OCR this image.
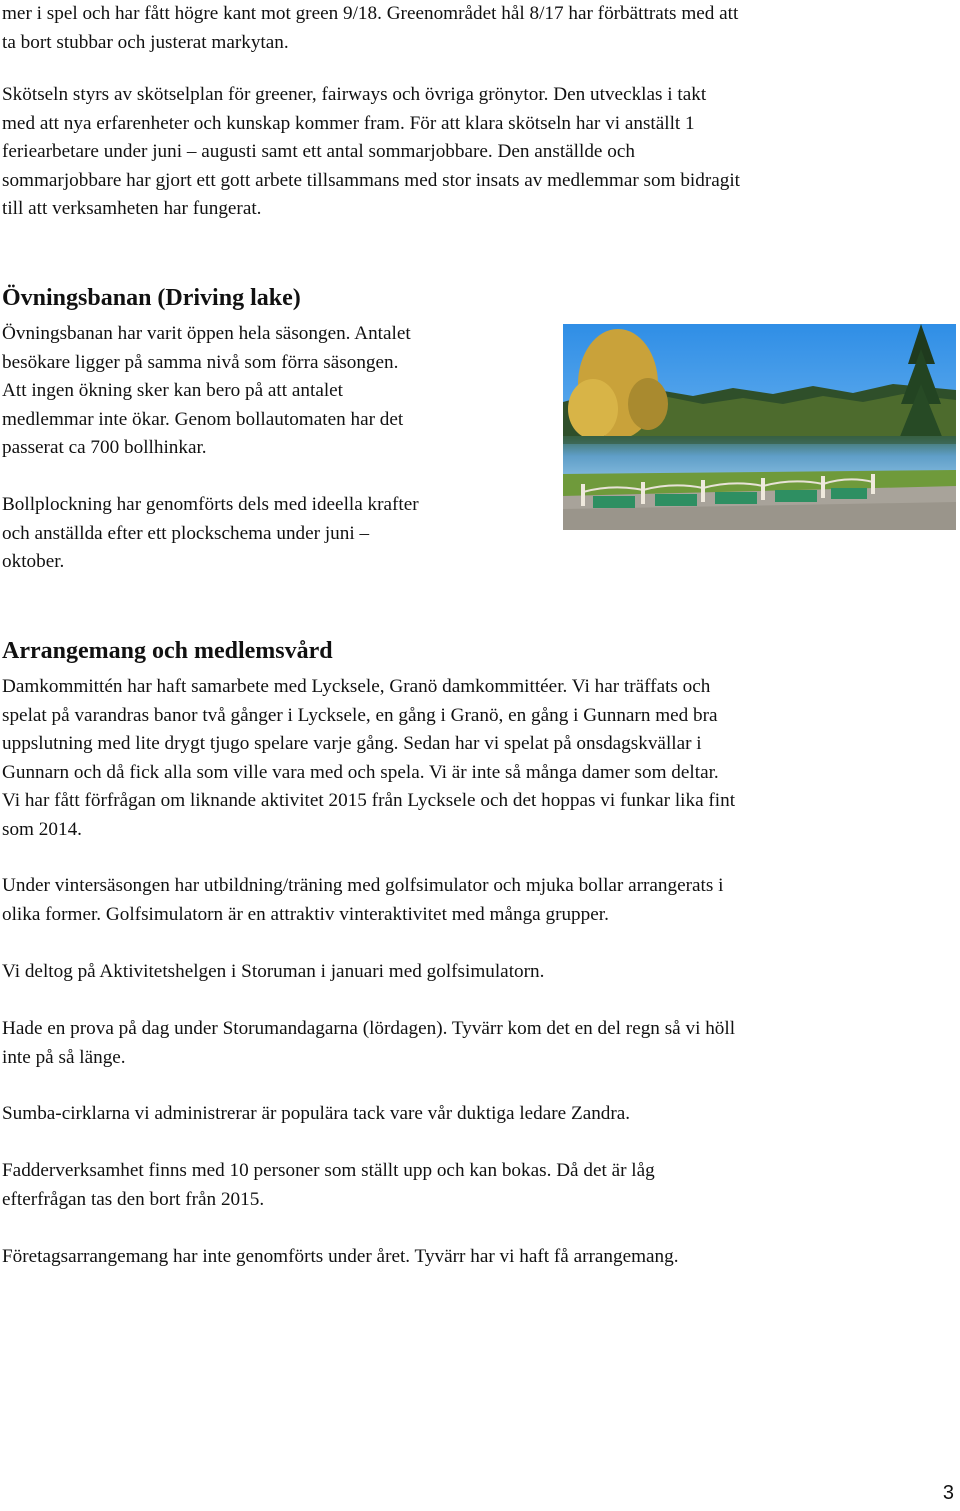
mer i spel och har fått högre kant mot green 9/18. Greenområdet hål 8/17 har förbättrats med att
ta bort stubbar och justerat markytan.

Skötseln styrs av skötselplan för greener, fairways och övriga grönytor. Den utvecklas i takt
med att nya erfarenheter och kunskap kommer fram. För att klara skötseln har vi anställt 1
feriearbetare under juni – augusti samt ett antal sommarjobbare. Den anställde och
sommarjobbare har gjort ett gott arbete tillsammans med stor insats av medlemmar som bidragit
till att verksamheten har fungerat.

Övningsbanan (Driving lake)

Övningsbanan har varit öppen hela säsongen. Antalet
besökare ligger på samma nivå som förra säsongen.
Att ingen ökning sker kan bero på att antalet
medlemmar inte ökar. Genom bollautomaten har det
passerat ca 700 bollhinkar.

Bollplockning har genomförts dels med ideella krafter
och anställda efter ett plockschema under juni –
oktober.

Arrangemang och medlemsvård

Damkommittén har haft samarbete med Lycksele, Granö damkommittéer. Vi har träffats och
spelat på varandras banor två gånger i Lycksele, en gång i Granö, en gång i Gunnarn med bra
uppslutning med lite drygt tjugo spelare varje gång. Sedan har vi spelat på onsdagskvällar i
Gunnarn och då fick alla som ville vara med och spela. Vi är inte så många damer som deltar.
Vi har fått förfrågan om liknande aktivitet 2015 från Lycksele och det hoppas vi funkar lika fint
som 2014.

Under vintersäsongen har utbildning/träning med golfsimulator och mjuka bollar arrangerats i
olika former. Golfsimulatorn är en attraktiv vinteraktivitet med många grupper.

Vi deltog på Aktivitetshelgen i Storuman i januari med golfsimulatorn.

Hade en prova på dag under Storumandagarna (lördagen). Tyvärr kom det en del regn så vi höll
inte på så länge.

Sumba-cirklarna vi administrerar är populära tack vare vår duktiga ledare Zandra.

Fadderverksamhet finns med 10 personer som ställt upp och kan bokas. Då det är låg
efterfrågan tas den bort från 2015.

Företagsarrangemang har inte genomförts under året. Tyvärr har vi haft få arrangemang.

3
